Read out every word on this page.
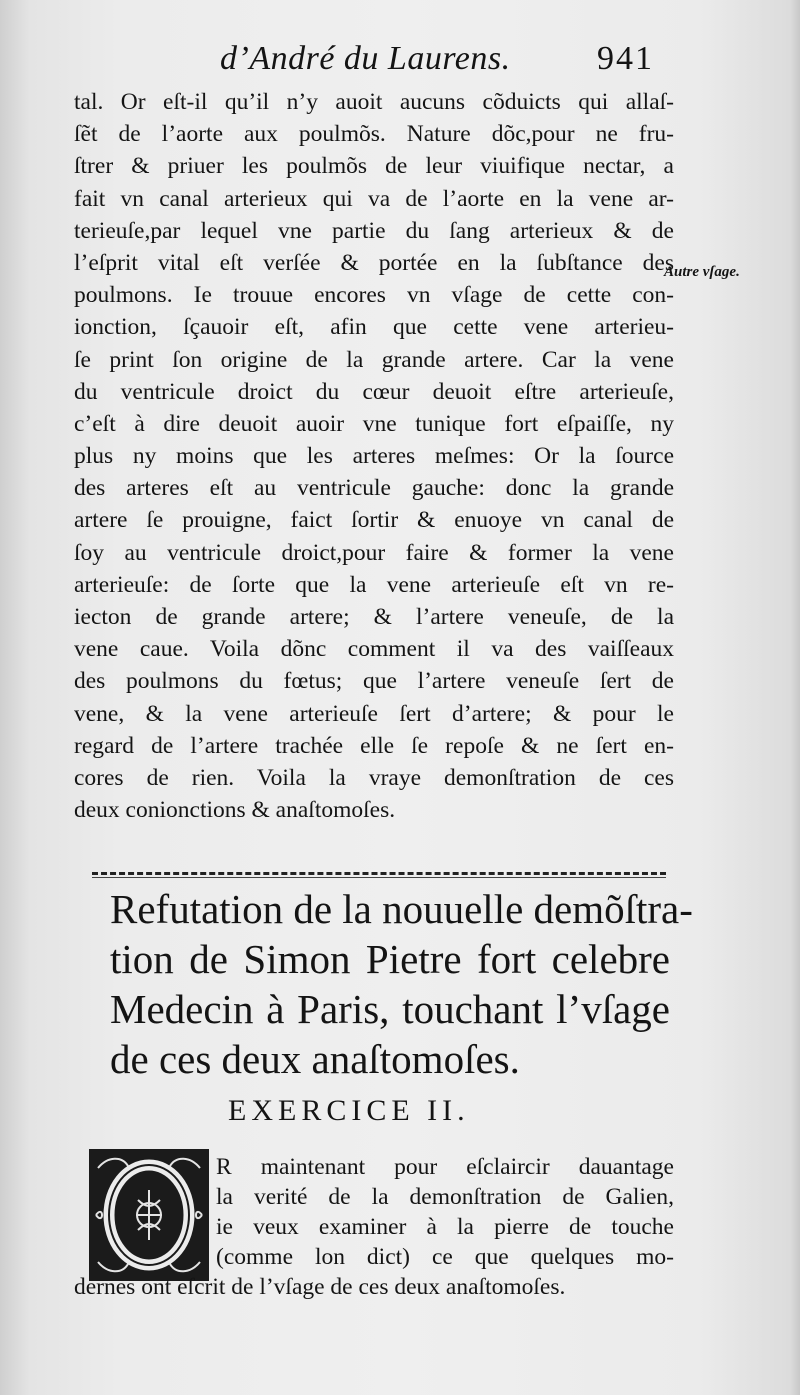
d’André du Laurens.	941
tal. Or eſt-il qu’il n’y auoit aucuns cõduicts qui allaſ-
ſẽt de l’aorte aux poulmõs. Nature dõc,pour ne fru-
ſtrer & priuer les poulmõs de leur viuifique nectar, a
fait vn canal arterieux qui va de l’aorte en la vene ar-
terieuſe,par lequel vne partie du ſang arterieux & de
l’eſprit vital eſt verſée & portée en la ſubſtance des
poulmons. Ie trouue encores vn vſage de cette con-
ionction, ſçauoir eſt, afin que cette vene arterieu-
ſe print ſon origine de la grande artere. Car la vene
du ventricule droict du cœur deuoit eſtre arterieuſe,
c’eſt à dire deuoit auoir vne tunique fort eſpaiſſe, ny
plus ny moins que les arteres meſmes: Or la ſource
des arteres eſt au ventricule gauche: donc la grande
artere ſe prouigne, faict ſortir & enuoye vn canal de
ſoy au ventricule droict,pour faire & former la vene
arterieuſe: de ſorte que la vene arterieuſe eſt vn re-
iecton de grande artere; & l’artere veneuſe, de la
vene caue. Voila dõnc comment il va des vaiſſeaux
des poulmons du fœtus; que l’artere veneuſe ſert de
vene, & la vene arterieuſe ſert d’artere; & pour le
regard de l’artere trachée elle ſe repoſe & ne ſert en-
cores de rien. Voila la vraye demonſtration de ces
deux conionctions & anaſtomoſes.
Autre vſage.
Refutation de la nouuelle demõſtra-
tion de Simon Pietre fort celebre
Medecin à Paris, touchant l’vſage
de ces deux anaſtomoſes.
EXERCICE II.
R maintenant pour eſclaircir dauantage
la verité de la demonſtration de Galien,
ie veux examiner à la pierre de touche
(comme lon dict) ce que quelques mo-
dernes ont eſcrit de l’vſage de ces deux anaſtomoſes.
